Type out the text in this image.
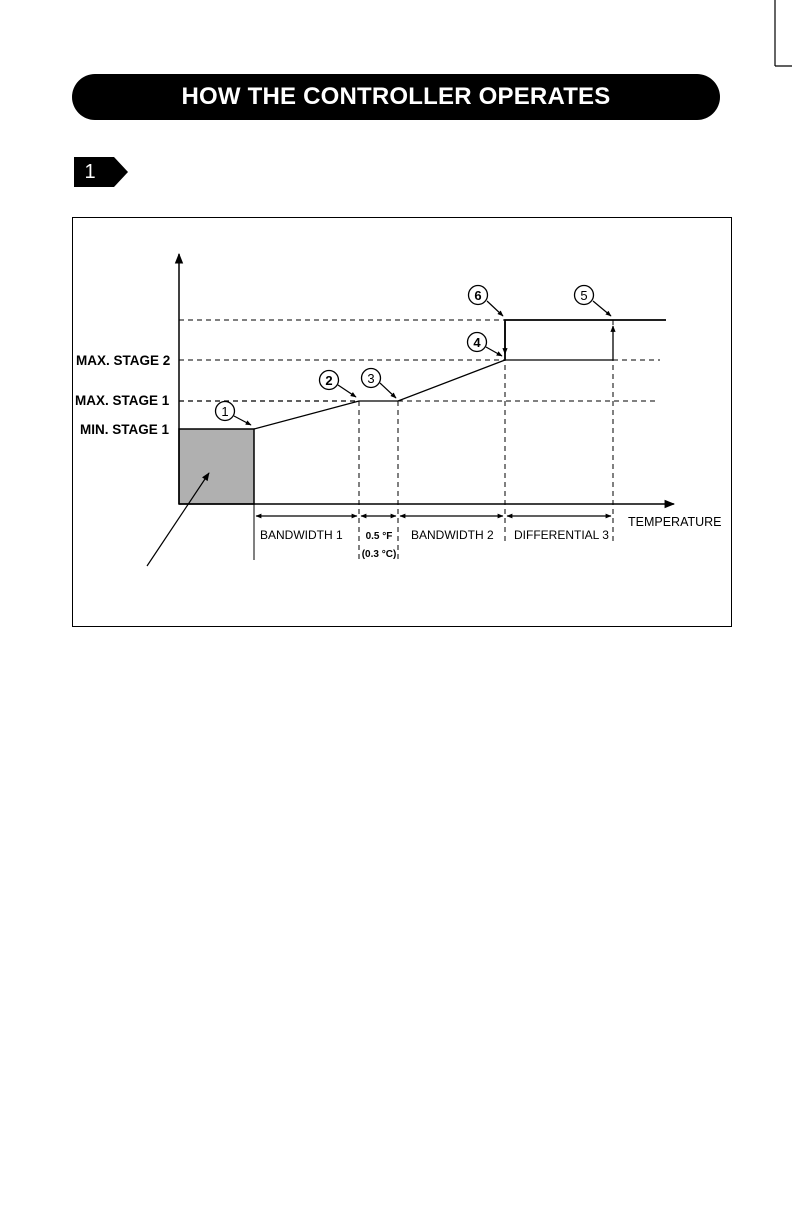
HOW THE CONTROLLER OPERATES
1
MAX. STAGE 2
MAX. STAGE 1
MIN. STAGE 1
TEMPERATURE
BANDWIDTH 1 0.5 °F
(0.3 °C)
BANDWIDTH 2 DIFFERENTIAL 3
1
2	3
4
5
6
